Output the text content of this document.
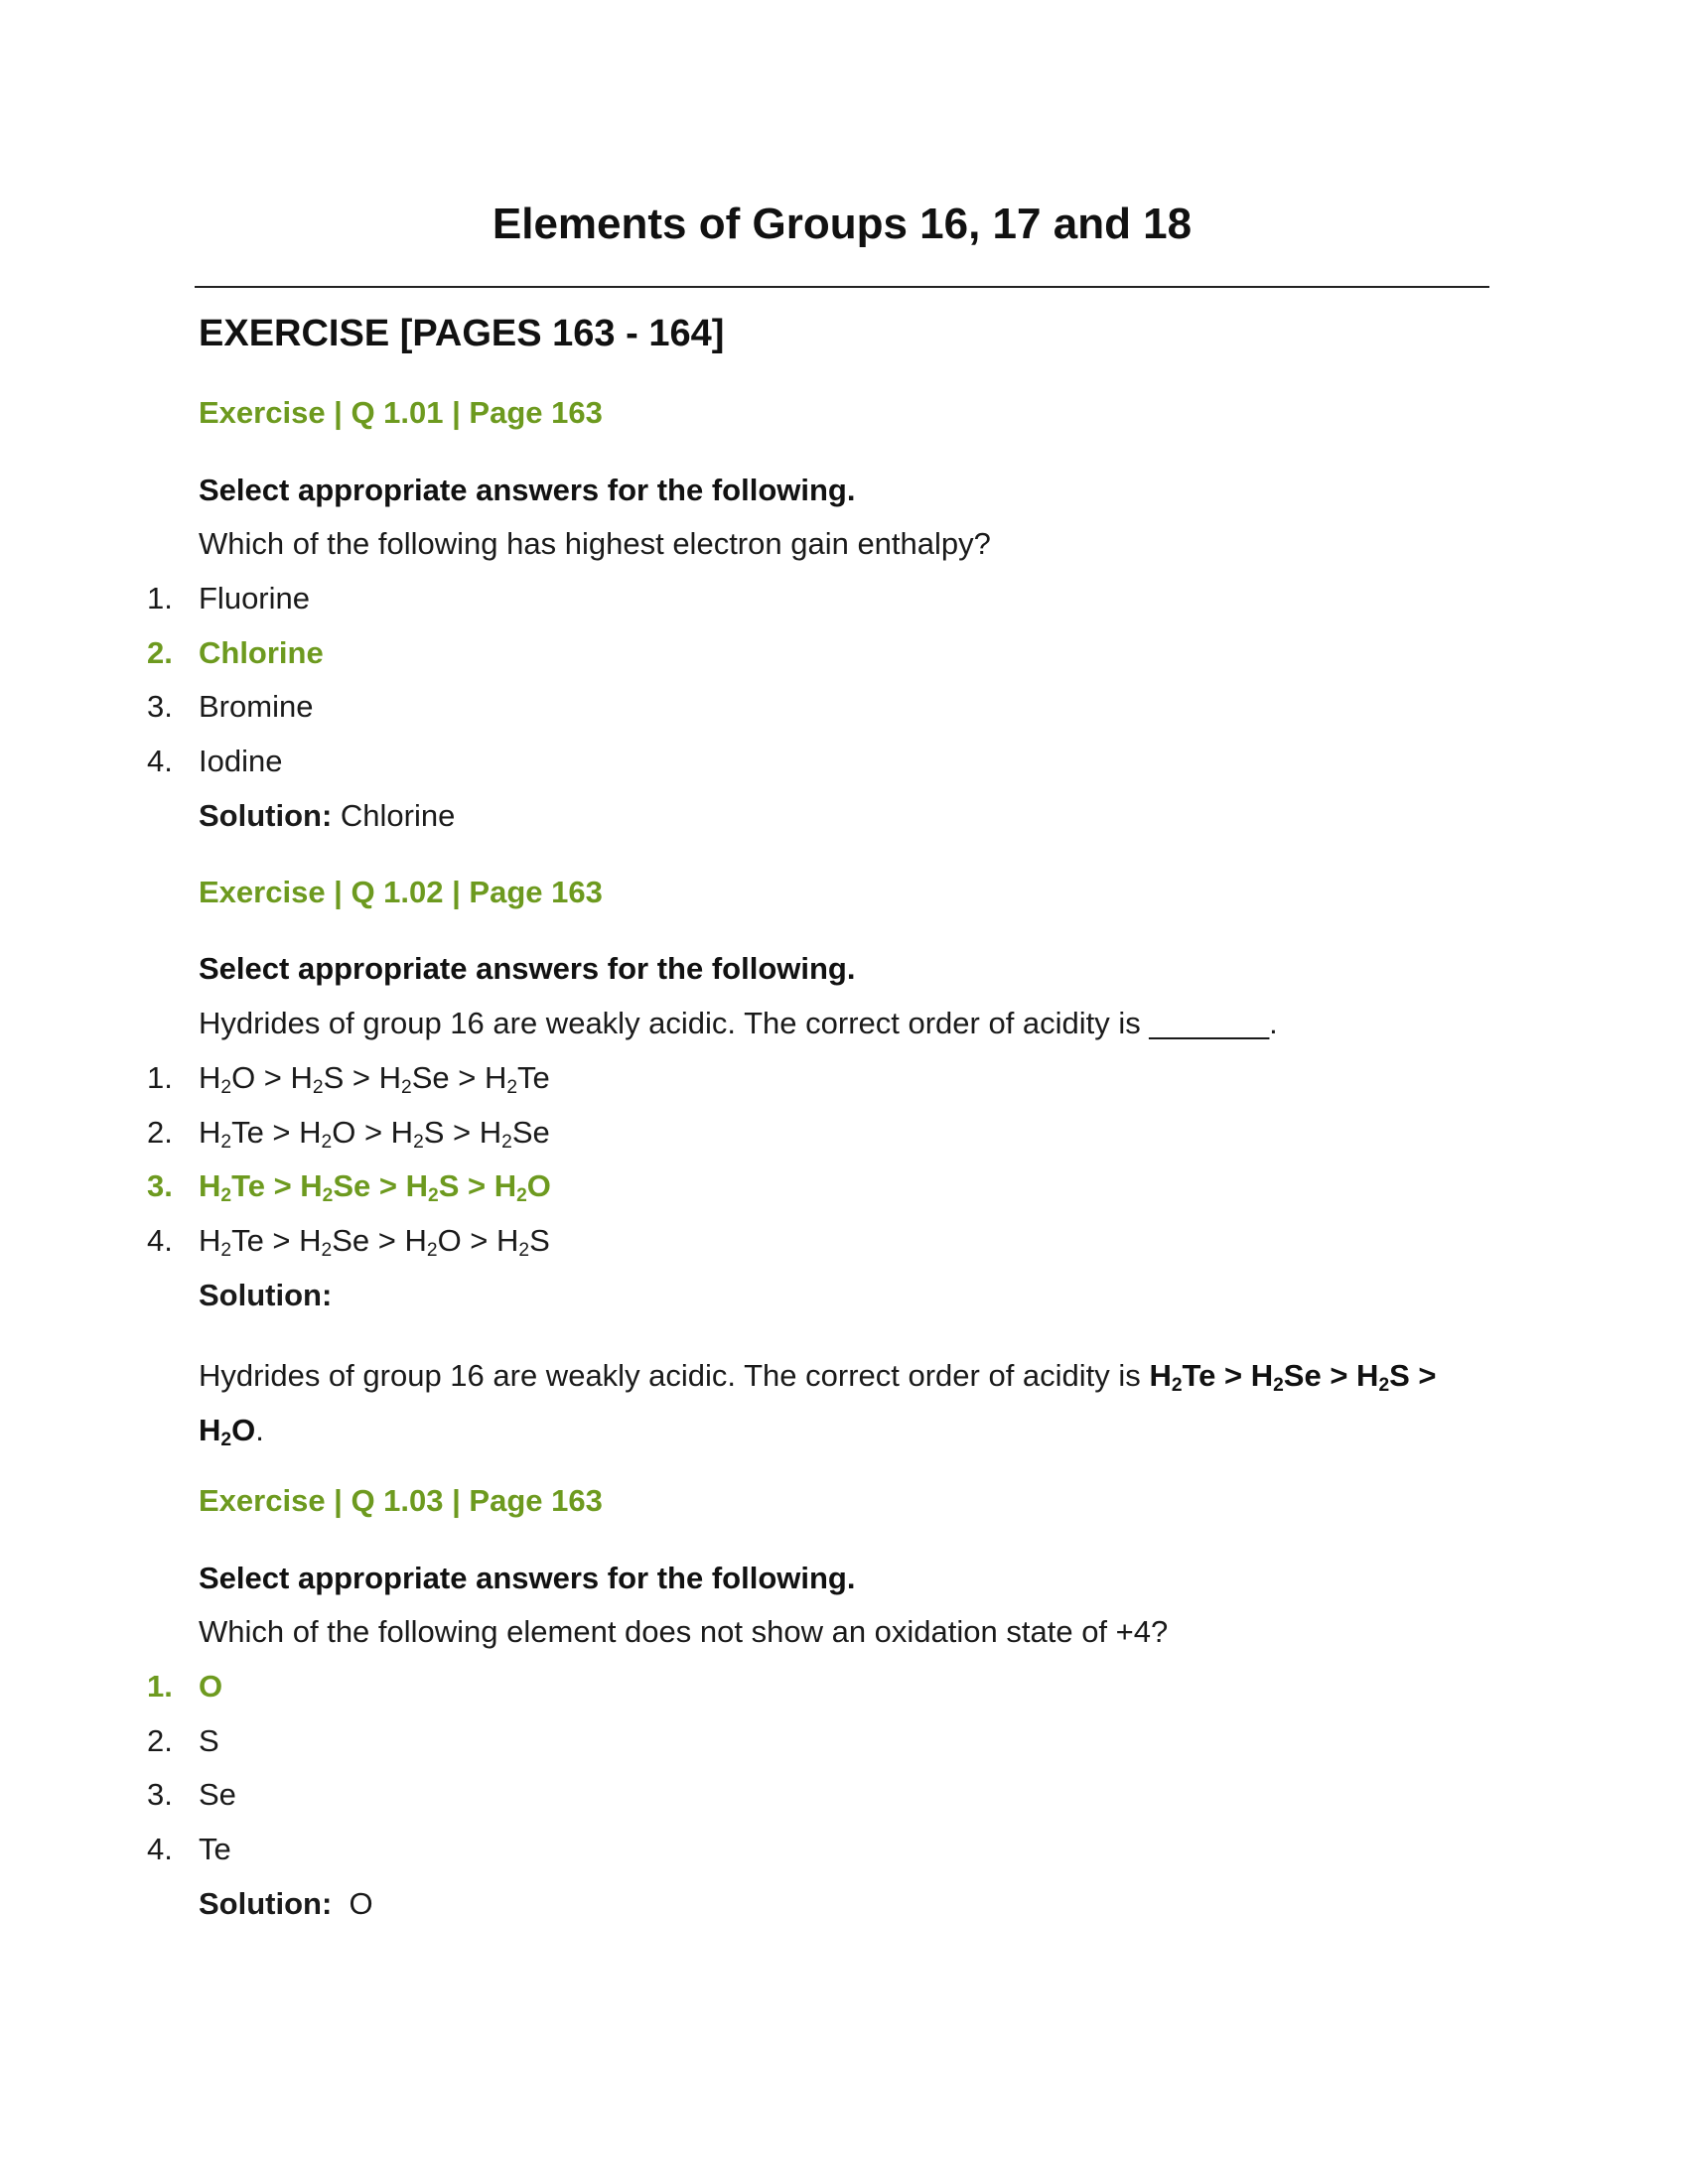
Elements of Groups 16, 17 and 18
EXERCISE [PAGES 163 - 164]
Exercise | Q 1.01 | Page 163
Select appropriate answers for the following.
Which of the following has highest electron gain enthalpy?
1. Fluorine
2. Chlorine
3. Bromine
4. Iodine
Solution: Chlorine
Exercise | Q 1.02 | Page 163
Select appropriate answers for the following.
Hydrides of group 16 are weakly acidic. The correct order of acidity is _______.
1. $H_2O > H_2S > H_2Se > H_2Te$
2. $H_2Te > H_2O > H_2S > H_2Se$
3. $H_2Te > H_2Se > H_2S > H_2O$
4. $H_2Te > H_2Se > H_2O > H_2S$
Solution:
Hydrides of group 16 are weakly acidic. The correct order of acidity is $H_2Te > H_2Se > H_2S > H_2O$.
Exercise | Q 1.03 | Page 163
Select appropriate answers for the following.
Which of the following element does not show an oxidation state of +4?
1. O
2. S
3. Se
4. Te
Solution: O
